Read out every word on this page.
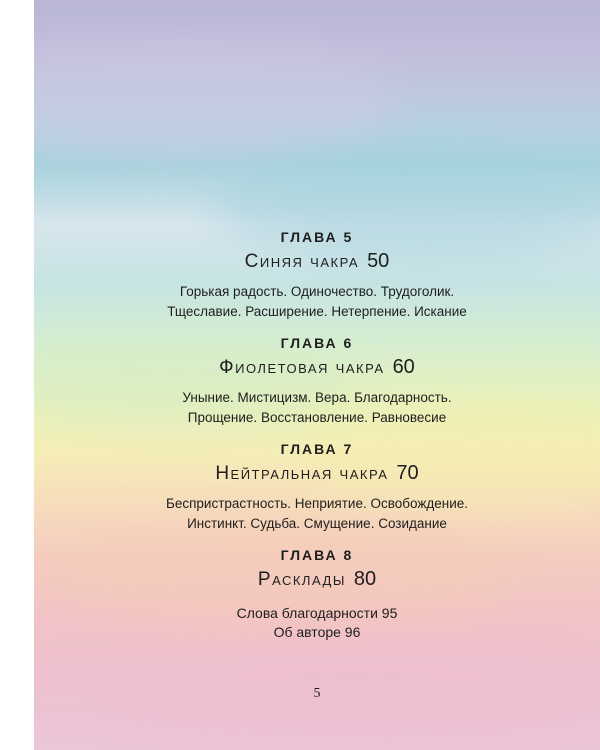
ГЛАВА 5

Синяя чакра 50

Горькая радость. Одиночество. Трудоголик.
Тщеславие. Расширение. Нетерпение. Искание

ГЛАВА 6

Фиолетовая чакра 60

Уныние. Мистицизм. Вера. Благодарность.
Прощение. Восстановление. Равновесие

ГЛАВА 7

Нейтральная чакра 70

Беспристрастность. Неприятие. Освобождение.
Инстинкт. Судьба. Смущение. Созидание

ГЛАВА 8

Расклады 80

Слова благодарности 95
Об авторе 96
5
